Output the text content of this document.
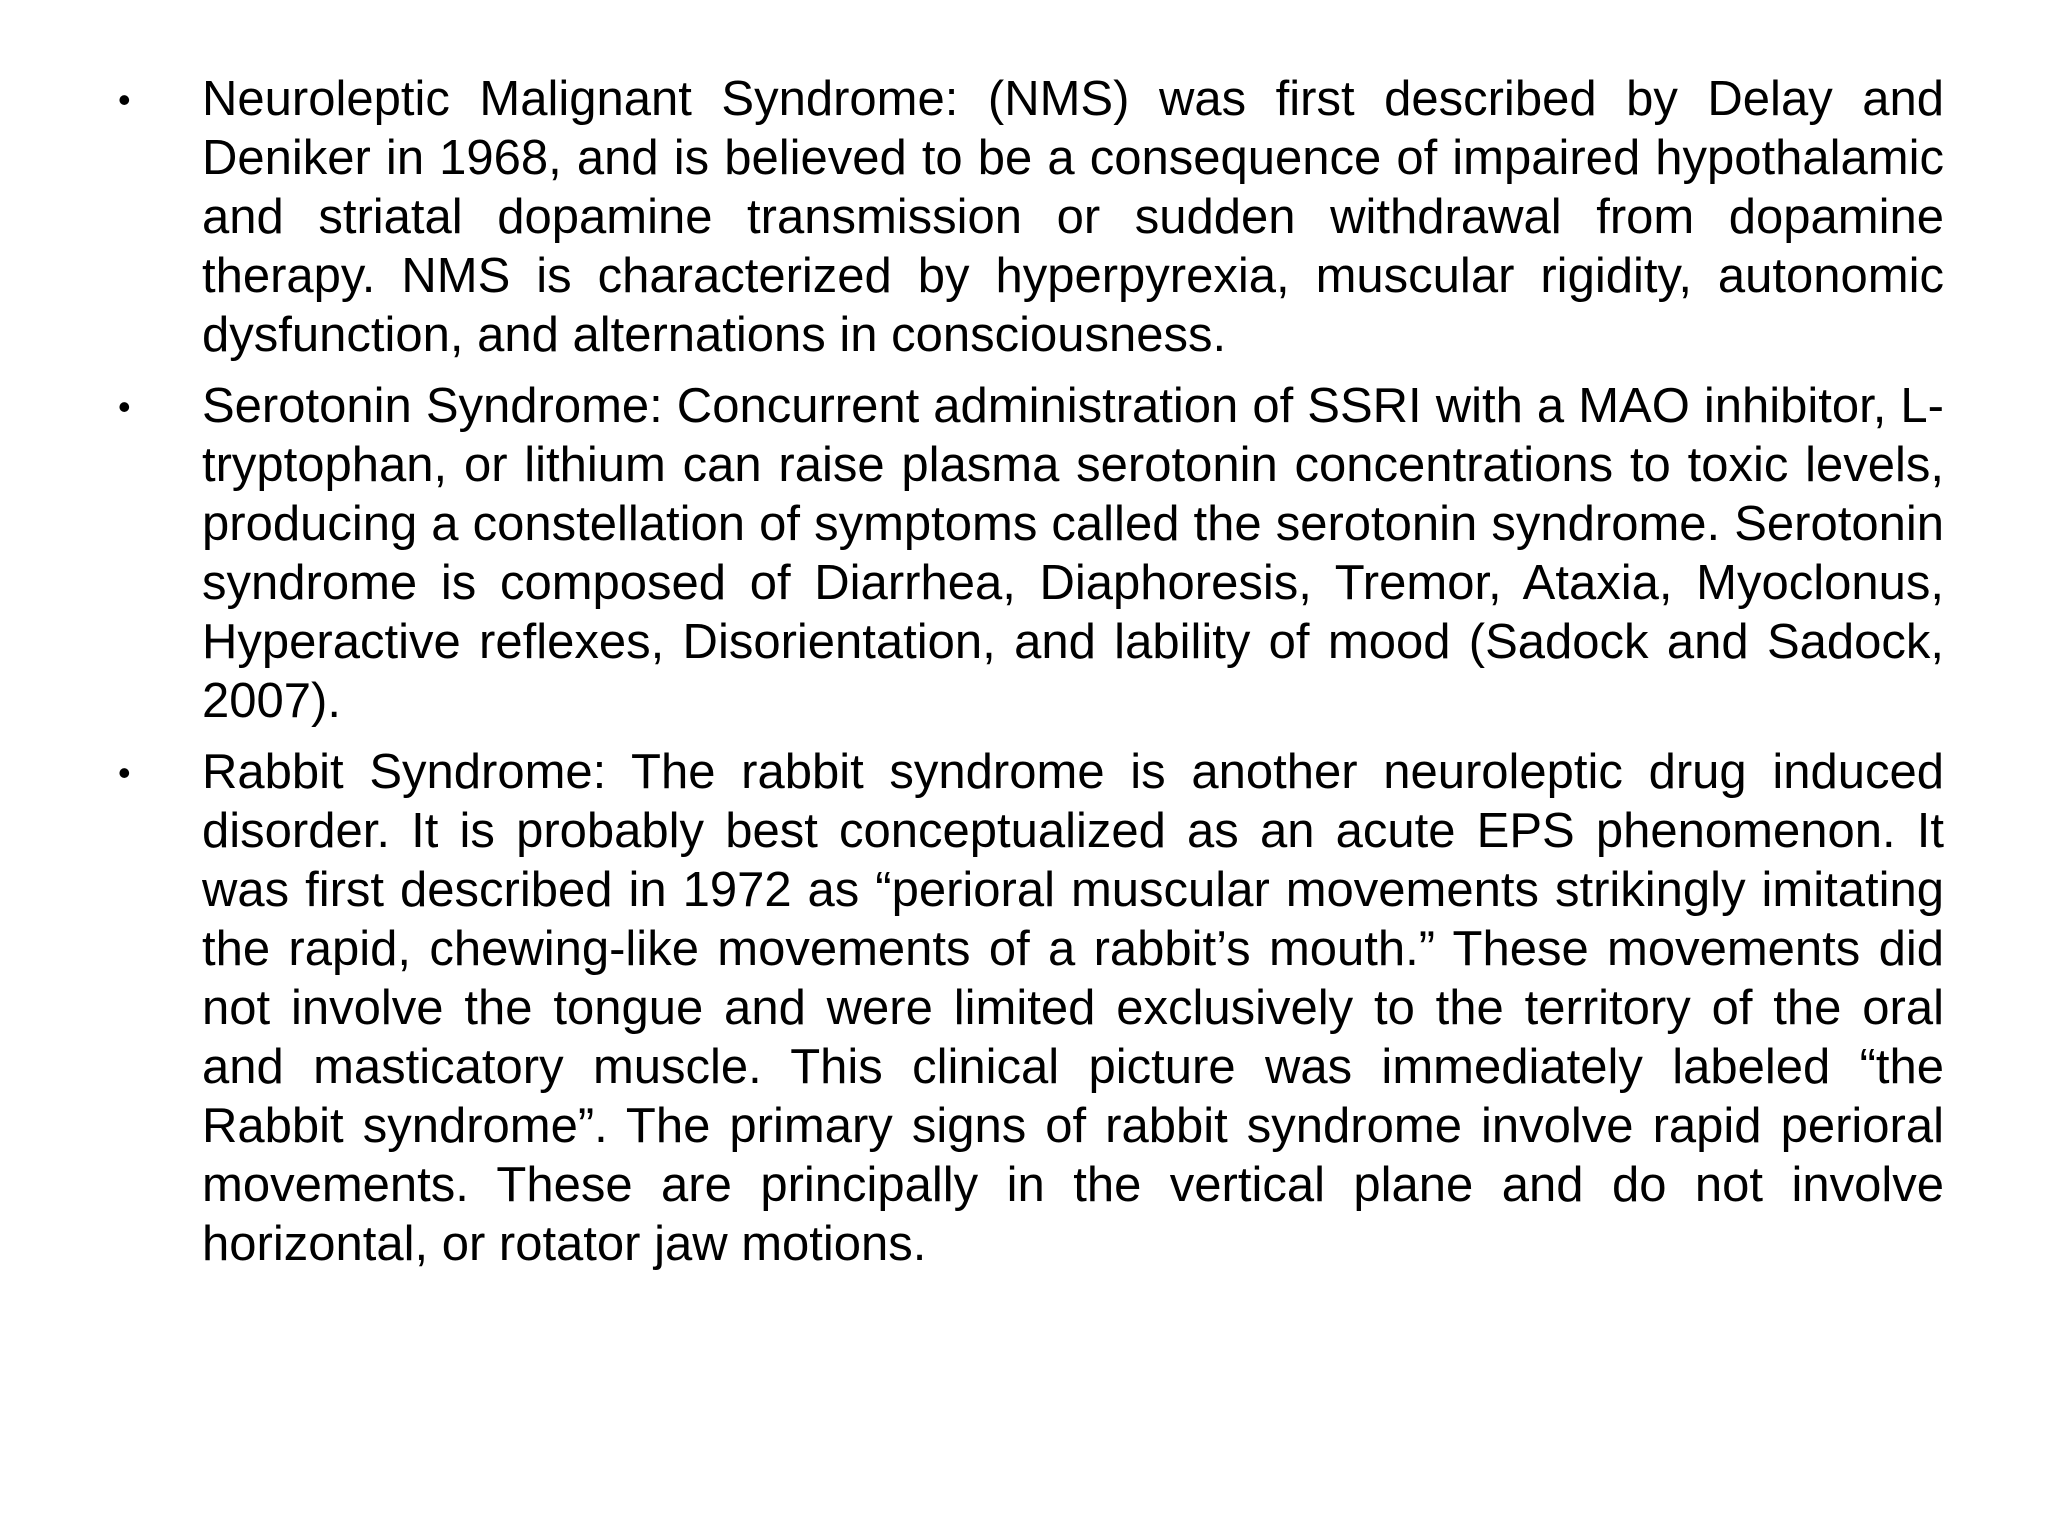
•	Neuroleptic Malignant Syndrome: (NMS) was first described by Delay and Deniker in 1968, and is believed to be a consequence of impaired hypothalamic and striatal dopamine transmission or sudden withdrawal from dopamine therapy. NMS is characterized by hyperpyrexia, muscular rigidity, autonomic dysfunction, and alternations in consciousness.
•	Serotonin Syndrome: Concurrent administration of SSRI with a MAO inhibitor, L-tryptophan, or lithium can raise plasma serotonin concentrations to toxic levels, producing a constellation of symptoms called the serotonin syndrome. Serotonin syndrome is composed of Diarrhea, Diaphoresis, Tremor, Ataxia, Myoclonus, Hyperactive reflexes, Disorientation, and lability of mood (Sadock and Sadock, 2007).
•	Rabbit Syndrome: The rabbit syndrome is another neuroleptic drug induced disorder. It is probably best conceptualized as an acute EPS phenomenon. It was first described in 1972 as “perioral muscular movements strikingly imitating the rapid, chewing-like movements of a rabbit’s mouth.” These movements did not involve the tongue and were limited exclusively to the territory of the oral and masticatory muscle. This clinical picture was immediately labeled “the Rabbit syndrome”. The primary signs of rabbit syndrome involve rapid perioral movements. These are principally in the vertical plane and do not involve horizontal, or rotator jaw motions.
